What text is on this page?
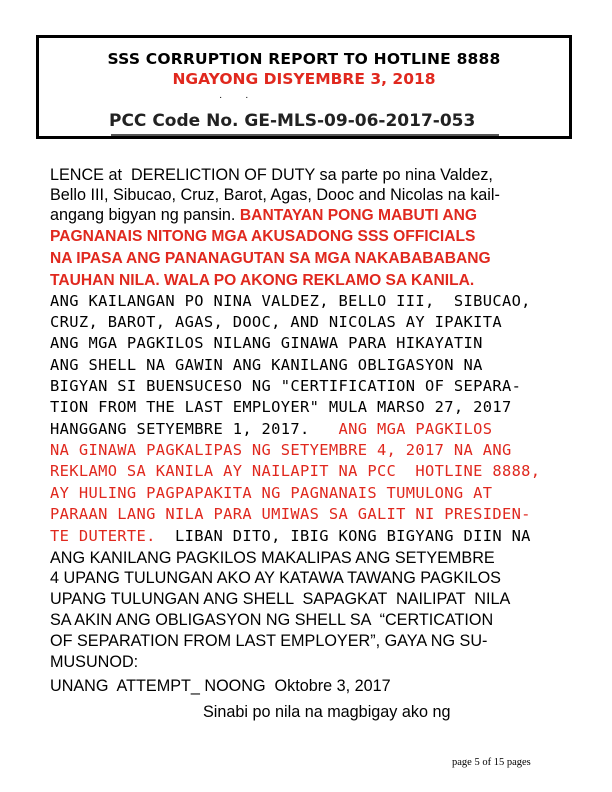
SSS CORRUPTION REPORT TO HOTLINE 8888
NGAYONG DISYEMBRE 3, 2018
· ·
PCC Code No. GE-MLS-09-06-2017-053
LENCE at  DERELICTION OF DUTY sa parte po nina Valdez,
Bello III, Sibucao, Cruz, Barot, Agas, Dooc and Nicolas na kail-
angang bigyan ng pansin. BANTAYAN PONG MABUTI ANG
PAGNANAIS NITONG MGA AKUSADONG SSS OFFICIALS
NA IPASA ANG PANANAGUTAN SA MGA NAKABABABANG
TAUHAN NILA. WALA PO AKONG REKLAMO SA KANILA.
ANG KAILANGAN PO NINA VALDEZ, BELLO III,  SIBUCAO,
CRUZ, BAROT, AGAS, DOOC, AND NICOLAS AY IPAKITA
ANG MGA PAGKILOS NILANG GINAWA PARA HIKAYATIN
ANG SHELL NA GAWIN ANG KANILANG OBLIGASYON NA
BIGYAN SI BUENSUCESO NG "CERTIFICATION OF SEPARA-
TION FROM THE LAST EMPLOYER" MULA MARSO 27, 2017
HANGGANG SETYEMBRE 1, 2017.   ANG MGA PAGKILOS
NA GINAWA PAGKALIPAS NG SETYEMBRE 4, 2017 NA ANG
REKLAMO SA KANILA AY NAILAPIT NA PCC  HOTLINE 8888,
AY HULING PAGPAPAKITA NG PAGNANAIS TUMULONG AT
PARAAN LANG NILA PARA UMIWAS SA GALIT NI PRESIDEN-
TE DUTERTE.  LIBAN DITO, IBIG KONG BIGYANG DIIN NA
ANG KANILANG PAGKILOS MAKALIPAS ANG SETYEMBRE
4 UPANG TULUNGAN AKO AY KATAWA TAWANG PAGKILOS
UPANG TULUNGAN ANG SHELL  SAPAGKAT  NAILIPAT  NILA
SA AKIN ANG OBLIGASYON NG SHELL SA  “CERTICATION
OF SEPARATION FROM LAST EMPLOYER”, GAYA NG SU-
MUSUNOD:
UNANG  ATTEMPT_ NOONG  Oktobre 3, 2017
Sinabi po nila na magbigay ako ng
page 5 of 15 pages
